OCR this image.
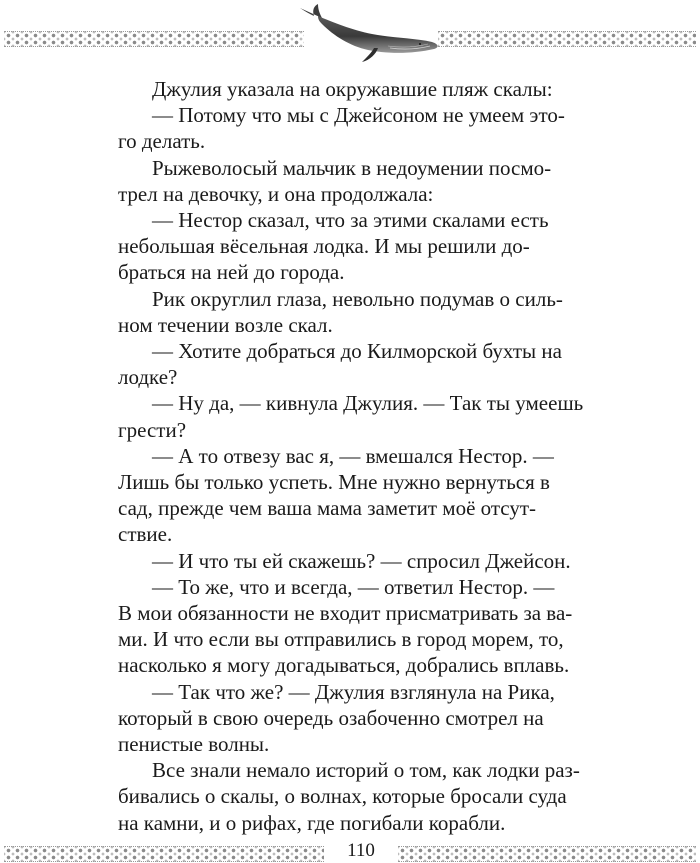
Джулия указала на окружавшие пляж скалы:

— Потому что мы с Джейсоном не умеем это-
го делать.

Рыжеволосый мальчик в недоумении посмо-
трел на девочку, и она продолжала:

— Нестор сказал, что за этими скалами есть
небольшая вёсельная лодка. И мы решили до-
браться на ней до города.

Рик округлил глаза, невольно подумав о силь-
ном течении возле скал.

— Хотите добраться до Килморской бухты на
лодке?

— Ну да, — кивнула Джулия. — Так ты умеешь
грести?

— А то отвезу вас я, — вмешался Нестор. —
Лишь бы только успеть. Мне нужно вернуться в
сад, прежде чем ваша мама заметит моё отсут-
ствие.

— И что ты ей скажешь? — спросил Джейсон.

— То же, что и всегда, — ответил Нестор. —
В мои обязанности не входит присматривать за ва-
ми. И что если вы отправились в город морем, то,
насколько я могу догадываться, добрались вплавь.

— Так что же? — Джулия взглянула на Рика,
который в свою очередь озабоченно смотрел на
пенистые волны.

Все знали немало историй о том, как лодки раз-
бивались о скалы, о волнах, которые бросали суда
на камни, и о рифах, где погибали корабли.

110
